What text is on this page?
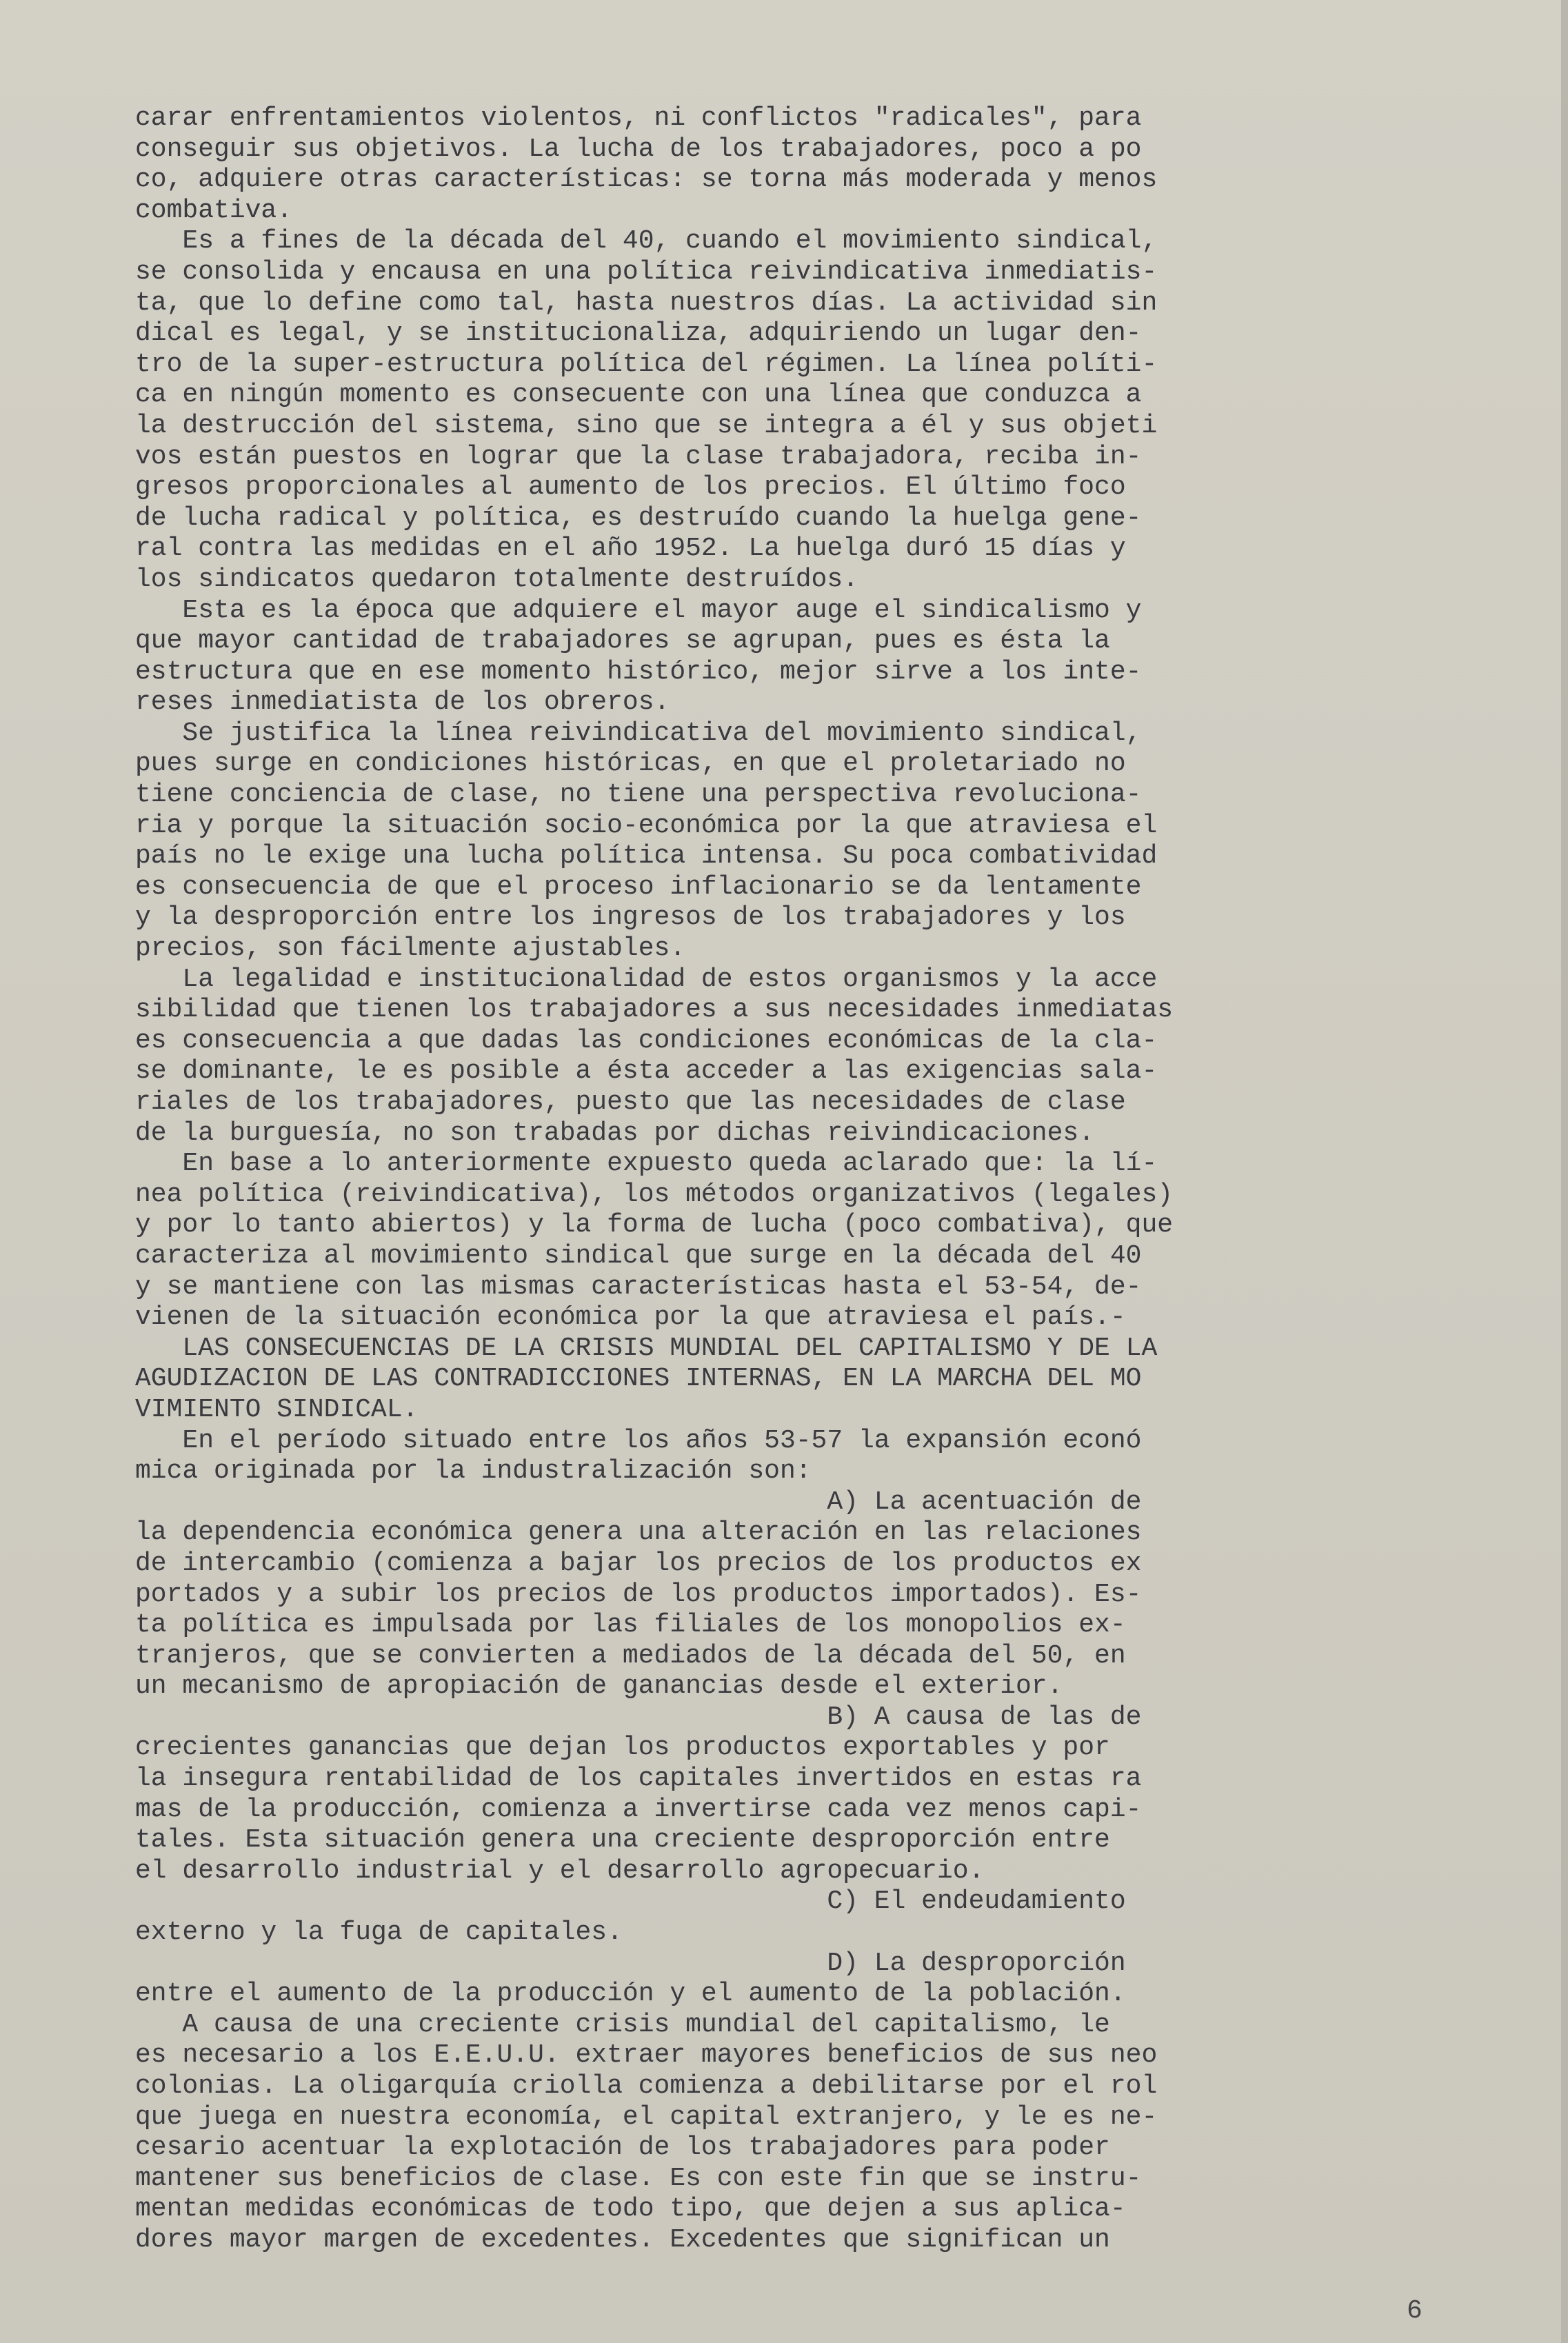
carar enfrentamientos violentos, ni conflictos "radicales", para
conseguir sus objetivos. La lucha de los trabajadores, poco a po
co, adquiere otras características: se torna más moderada y menos
combativa.
Es a fines de la década del 40, cuando el movimiento sindical,
se consolida y encausa en una política reivindicativa inmediatis-
ta, que lo define como tal, hasta nuestros días. La actividad sin
dical es legal, y se institucionaliza, adquiriendo un lugar den-
tro de la super-estructura política del régimen. La línea políti-
ca en ningún momento es consecuente con una línea que conduzca a
la destrucción del sistema, sino que se integra a él y sus objeti
vos están puestos en lograr que la clase trabajadora, reciba in-
gresos proporcionales al aumento de los precios. El último foco
de lucha radical y política, es destruído cuando la huelga gene-
ral contra las medidas en el año 1952. La huelga duró 15 días y
los sindicatos quedaron totalmente destruídos.
Esta es la época que adquiere el mayor auge el sindicalismo y
que mayor cantidad de trabajadores se agrupan, pues es ésta la
estructura que en ese momento histórico, mejor sirve a los inte-
reses inmediatista de los obreros.
Se justifica la línea reivindicativa del movimiento sindical,
pues surge en condiciones históricas, en que el proletariado no
tiene conciencia de clase, no tiene una perspectiva revoluciona-
ria y porque la situación socio-económica por la que atraviesa el
país no le exige una lucha política intensa. Su poca combatividad
es consecuencia de que el proceso inflacionario se da lentamente
y la desproporción entre los ingresos de los trabajadores y los
precios, son fácilmente ajustables.
La legalidad e institucionalidad de estos organismos y la acce
sibilidad que tienen los trabajadores a sus necesidades inmediatas
es consecuencia a que dadas las condiciones económicas de la cla-
se dominante, le es posible a ésta acceder a las exigencias sala-
riales de los trabajadores, puesto que las necesidades de clase
de la burguesía, no son trabadas por dichas reivindicaciones.
En base a lo anteriormente expuesto queda aclarado que: la lí-
nea política (reivindicativa), los métodos organizativos (legales)
y por lo tanto abiertos) y la forma de lucha (poco combativa), que
caracteriza al movimiento sindical que surge en la década del 40
y se mantiene con las mismas características hasta el 53-54, de-
vienen de la situación económica por la que atraviesa el país.-
LAS CONSECUENCIAS DE LA CRISIS MUNDIAL DEL CAPITALISMO Y DE LA
AGUDIZACION DE LAS CONTRADICCIONES INTERNAS, EN LA MARCHA DEL MO
VIMIENTO SINDICAL.
En el período situado entre los años 53-57 la expansión econó
mica originada por la industralización son:
A) La acentuación de
la dependencia económica genera una alteración en las relaciones
de intercambio (comienza a bajar los precios de los productos ex
portados y a subir los precios de los productos importados). Es-
ta política es impulsada por las filiales de los monopolios ex-
tranjeros, que se convierten a mediados de la década del 50, en
un mecanismo de apropiación de ganancias desde el exterior.
B) A causa de las de
crecientes ganancias que dejan los productos exportables y por
la insegura rentabilidad de los capitales invertidos en estas ra
mas de la producción, comienza a invertirse cada vez menos capi-
tales. Esta situación genera una creciente desproporción entre
el desarrollo industrial y el desarrollo agropecuario.
C) El endeudamiento
externo y la fuga de capitales.
D) La desproporción
entre el aumento de la producción y el aumento de la población.
A causa de una creciente crisis mundial del capitalismo, le
es necesario a los E.E.U.U. extraer mayores beneficios de sus neo
colonias. La oligarquía criolla comienza a debilitarse por el rol
que juega en nuestra economía, el capital extranjero, y le es ne-
cesario acentuar la explotación de los trabajadores para poder
mantener sus beneficios de clase. Es con este fin que se instru-
mentan medidas económicas de todo tipo, que dejen a sus aplica-
dores mayor margen de excedentes. Excedentes que significan un
6
